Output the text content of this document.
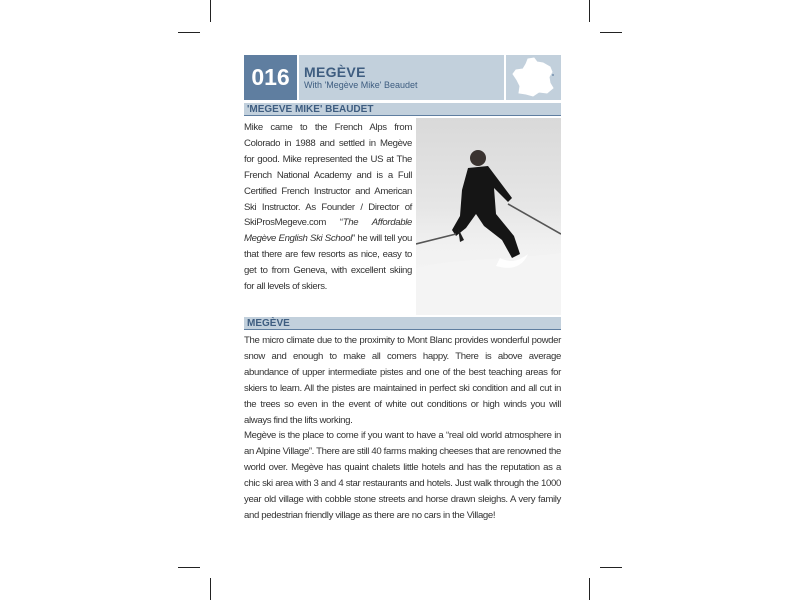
016	MEGÈVE
With 'Megève Mike' Beaudet
'MEGEVE MIKE' BEAUDET
Mike came to the French Alps from Colorado in 1988 and settled in Megève for good. Mike represented the US at The French National Academy and is a Full Certified French Instructor and American Ski Instructor. As Founder / Director of SkiProsMegeve.com “The Affordable Megève English Ski School” he will tell you that there are few resorts as nice, easy to get to from Geneva, with excellent skiing for all levels of skiers.
MEGÈVE

The micro climate due to the proximity to Mont Blanc provides wonderful powder snow and enough to make all comers happy. There is above average abundance of upper intermediate pistes and one of the best teaching areas for skiers to learn. All the pistes are maintained in perfect ski condition and all cut in the trees so even in the event of white out conditions or high winds you will always find the lifts working.

Megève is the place to come if you want to have a “real old world atmosphere in an Alpine Village”. There are still 40 farms making cheeses that are renowned the world over. Megève has quaint chalets little hotels and has the reputation as a chic ski area with 3 and 4 star restaurants and hotels. Just walk through the 1000 year old village with cobble stone streets and horse drawn sleighs. A very family and pedestrian friendly village as there are no cars in the Village!
